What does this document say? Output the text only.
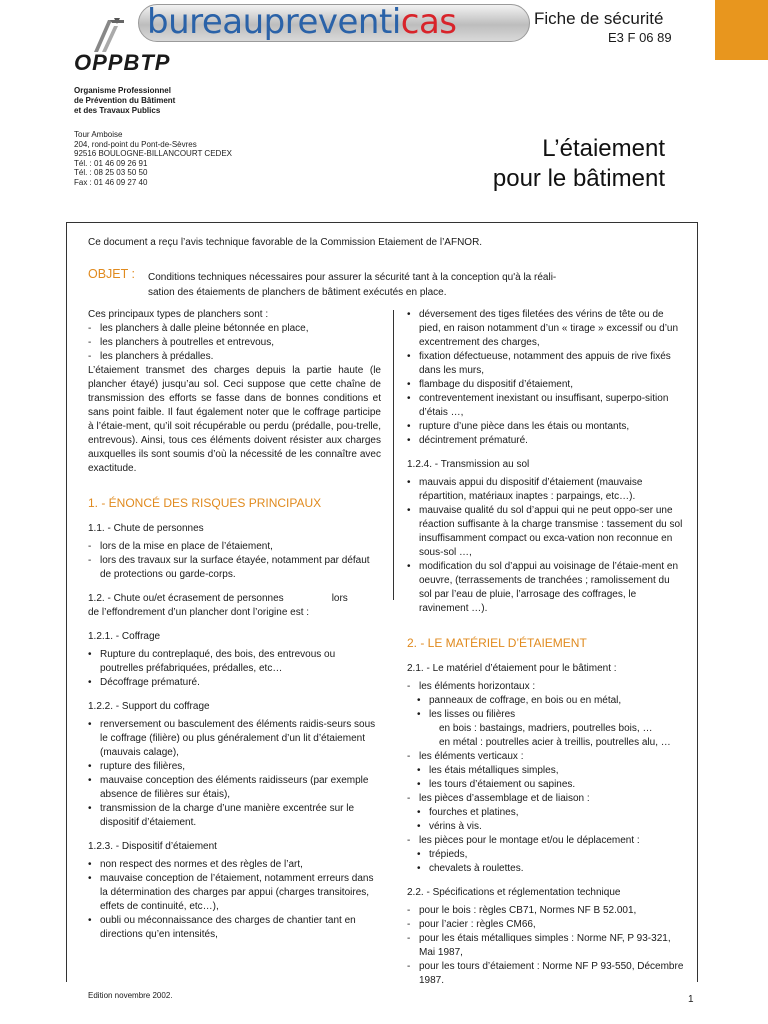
bureaupreventicas	Fiche de sécurité
E3 F 06 89
OPPBTP
Organisme Professionnel
de Prévention du Bâtiment
et des Travaux Publics
Tour Amboise
204, rond-point du Pont-de-Sèvres
92516 BOULOGNE-BILLANCOURT CEDEX
Tél. : 01 46 09 26 91
Tél. : 08 25 03 50 50
Fax : 01 46 09 27 40
L’étaiement
pour le bâtiment
Ce document a reçu l’avis technique favorable de la Commission Etaiement de l’AFNOR.
OBJET : Conditions techniques nécessaires pour assurer la sécurité tant à la conception qu'à la réali-
sation des étaiements de planchers de bâtiment exécutés en place.

Ces principaux types de planchers sont :

- les planchers à dalle pleine bétonnée en place,
- les planchers à poutrelles et entrevous,
- les planchers à prédalles.

L’étaiement transmet des charges depuis la partie haute (le plancher étayé) jusqu’au sol. Ceci suppose que cette chaîne de transmission des efforts se fasse dans de bonnes conditions et sans point faible. Il faut également noter que le coffrage participe à l’étaie-ment, qu’il soit récupérable ou perdu (prédalle, pou-trelle, entrevous). Ainsi, tous ces éléments doivent résister aux charges auxquelles ils sont soumis d’où la nécessité de les connaître avec exactitude.

1. - ÉNONCÉ DES RISQUES PRINCIPAUX
1.1. - Chute de personnes
- lors de la mise en place de l’étaiement,
- lors des travaux sur la surface étayée, notamment par défaut de protections ou garde-corps.
1.2. - Chute ou/et écrasement de personnes	lors
de l’effondrement d’un plancher dont l’origine est :
1.2.1. - Coffrage
• Rupture du contreplaqué, des bois, des entrevous ou poutrelles préfabriquées, prédalles, etc…
• Décoffrage prématuré.
1.2.2. - Support du coffrage
• renversement ou basculement des éléments raidis-seurs sous le coffrage (filière) ou plus généralement d’un lit d’étaiement (mauvais calage),
• rupture des filières,
• mauvaise conception des éléments raidisseurs (par exemple absence de filières sur étais),
• transmission de la charge d’une manière excentrée sur le dispositif d’étaiement.
1.2.3. - Dispositif d’étaiement
• non respect des normes et des règles de l’art,
• mauvaise conception de l’étaiement, notamment erreurs dans la détermination des charges par appui (charges transitoires, effets de continuité, etc…),
• oubli ou méconnaissance des charges de chantier tant en directions qu’en intensités,
• déversement des tiges filetées des vérins de tête ou de pied, en raison notamment d’un « tirage » excessif ou d’un excentrement des charges,
• fixation défectueuse, notamment des appuis de rive fixés dans les murs,
• flambage du dispositif d’étaiement,
• contreventement inexistant ou insuffisant, superpo-sition d’étais …,
• rupture d’une pièce dans les étais ou montants,
• décintrement prématuré.
1.2.4. - Transmission au sol
• mauvais appui du dispositif d’étaiement (mauvaise répartition, matériaux inaptes : parpaings, etc…).
• mauvaise qualité du sol d’appui qui ne peut oppo-ser une réaction suffisante à la charge transmise : tassement du sol insuffisamment compact ou exca-vation non reconnue en sous-sol …,
• modification du sol d’appui au voisinage de l’étaie-ment en oeuvre, (terrassements de tranchées ; ramolissement du sol par l’eau de pluie, l’arrosage des coffrages, le ravinement …).
2. - LE MATÉRIEL D’ÉTAIEMENT
2.1. - Le matériel d’étaiement pour le bâtiment :
- les éléments horizontaux :
• panneaux de coffrage, en bois ou en métal,
• les lisses ou filières
en bois : bastaings, madriers, poutrelles bois, …
en métal : poutrelles acier à treillis, poutrelles alu, …
- les éléments verticaux :
• les étais métalliques simples,
• les tours d’étaiement ou sapines.
- les pièces d’assemblage et de liaison :
• fourches et platines,
• vérins à vis.
- les pièces pour le montage et/ou le déplacement :
• trépieds,
• chevalets à roulettes.
2.2. - Spécifications et réglementation technique
- pour le bois : règles CB71, Normes NF B 52.001,
- pour l’acier : règles CM66,
- pour les étais métalliques simples : Norme NF, P 93-321, Mai 1987,
- pour les tours d’étaiement : Norme NF P 93-550, Décembre 1987.
Edition novembre 2002.	1
